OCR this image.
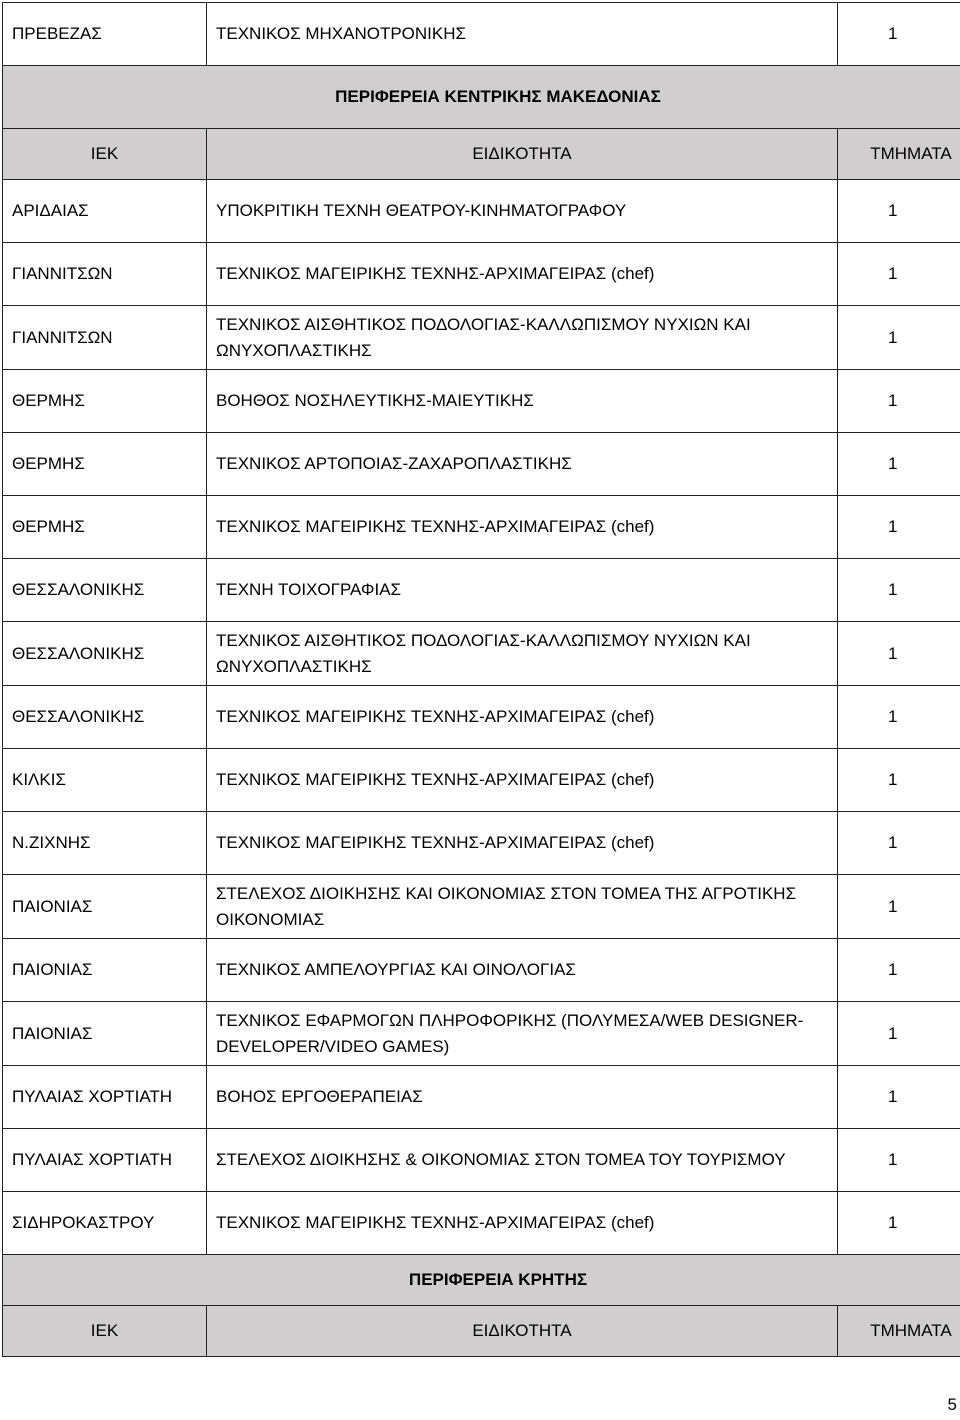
ΠΡΕΒΕΖΑΣ	ΤΕΧΝΙΚΟΣ ΜΗΧΑΝΟΤΡΟΝΙΚΗΣ	1
ΠΕΡΙΦΕΡΕΙΑ ΚΕΝΤΡΙΚΗΣ ΜΑΚΕΔΟΝΙΑΣ		
ΙΕΚ	ΕΙΔΙΚΟΤΗΤΑ	ΤΜΗΜΑΤΑ
ΑΡΙΔΑΙΑΣ	ΥΠΟΚΡΙΤΙΚΗ ΤΕΧΝΗ ΘΕΑΤΡΟΥ-ΚΙΝΗΜΑΤΟΓΡΑΦΟΥ	1
ΓΙΑΝΝΙΤΣΩΝ	ΤΕΧΝΙΚΟΣ ΜΑΓΕΙΡΙΚΗΣ ΤΕΧΝΗΣ-ΑΡΧΙΜΑΓΕΙΡΑΣ (chef)	1
ΓΙΑΝΝΙΤΣΩΝ	ΤΕΧΝΙΚΟΣ ΑΙΣΘΗΤΙΚΟΣ ΠΟΔΟΛΟΓΙΑΣ-ΚΑΛΛΩΠΙΣΜΟΥ ΝΥΧΙΩΝ ΚΑΙ ΩΝΥΧΟΠΛΑΣΤΙΚΗΣ	1
ΘΕΡΜΗΣ	ΒΟΗΘΟΣ ΝΟΣΗΛΕΥΤΙΚΗΣ-ΜΑΙΕΥΤΙΚΗΣ	1
ΘΕΡΜΗΣ	ΤΕΧΝΙΚΟΣ ΑΡΤΟΠΟΙΑΣ-ΖΑΧΑΡΟΠΛΑΣΤΙΚΗΣ	1
ΘΕΡΜΗΣ	ΤΕΧΝΙΚΟΣ ΜΑΓΕΙΡΙΚΗΣ ΤΕΧΝΗΣ-ΑΡΧΙΜΑΓΕΙΡΑΣ (chef)	1
ΘΕΣΣΑΛΟΝΙΚΗΣ	ΤΕΧΝΗ ΤΟΙΧΟΓΡΑΦΙΑΣ	1
ΘΕΣΣΑΛΟΝΙΚΗΣ	ΤΕΧΝΙΚΟΣ ΑΙΣΘΗΤΙΚΟΣ ΠΟΔΟΛΟΓΙΑΣ-ΚΑΛΛΩΠΙΣΜΟΥ ΝΥΧΙΩΝ ΚΑΙ ΩΝΥΧΟΠΛΑΣΤΙΚΗΣ	1
ΘΕΣΣΑΛΟΝΙΚΗΣ	ΤΕΧΝΙΚΟΣ ΜΑΓΕΙΡΙΚΗΣ ΤΕΧΝΗΣ-ΑΡΧΙΜΑΓΕΙΡΑΣ (chef)	1
ΚΙΛΚΙΣ	ΤΕΧΝΙΚΟΣ ΜΑΓΕΙΡΙΚΗΣ ΤΕΧΝΗΣ-ΑΡΧΙΜΑΓΕΙΡΑΣ (chef)	1
Ν.ΖΙΧΝΗΣ	ΤΕΧΝΙΚΟΣ ΜΑΓΕΙΡΙΚΗΣ ΤΕΧΝΗΣ-ΑΡΧΙΜΑΓΕΙΡΑΣ (chef)	1
ΠΑΙΟΝΙΑΣ	ΣΤΕΛΕΧΟΣ ΔΙΟΙΚΗΣΗΣ ΚΑΙ ΟΙΚΟΝΟΜΙΑΣ ΣΤΟΝ ΤΟΜΕΑ ΤΗΣ ΑΓΡΟΤΙΚΗΣ ΟΙΚΟΝΟΜΙΑΣ	1
ΠΑΙΟΝΙΑΣ	ΤΕΧΝΙΚΟΣ ΑΜΠΕΛΟΥΡΓΙΑΣ ΚΑΙ ΟΙΝΟΛΟΓΙΑΣ	1
ΠΑΙΟΝΙΑΣ	ΤΕΧΝΙΚΟΣ ΕΦΑΡΜΟΓΩΝ ΠΛΗΡΟΦΟΡΙΚΗΣ (ΠΟΛΥΜΕΣΑ/WEB DESIGNER-DEVELOPER/VIDEO GAMES)	1
ΠΥΛΑΙΑΣ ΧΟΡΤΙΑΤΗ	ΒΟΗΟΣ ΕΡΓΟΘΕΡΑΠΕΙΑΣ	1
ΠΥΛΑΙΑΣ ΧΟΡΤΙΑΤΗ	ΣΤΕΛΕΧΟΣ ΔΙΟΙΚΗΣΗΣ & ΟΙΚΟΝΟΜΙΑΣ ΣΤΟΝ ΤΟΜΕΑ ΤΟΥ ΤΟΥΡΙΣΜΟΥ	1
ΣΙΔΗΡΟΚΑΣΤΡΟΥ	ΤΕΧΝΙΚΟΣ ΜΑΓΕΙΡΙΚΗΣ ΤΕΧΝΗΣ-ΑΡΧΙΜΑΓΕΙΡΑΣ (chef)	1
ΠΕΡΙΦΕΡΕΙΑ ΚΡΗΤΗΣ		
ΙΕΚ	ΕΙΔΙΚΟΤΗΤΑ	ΤΜΗΜΑΤΑ
5
